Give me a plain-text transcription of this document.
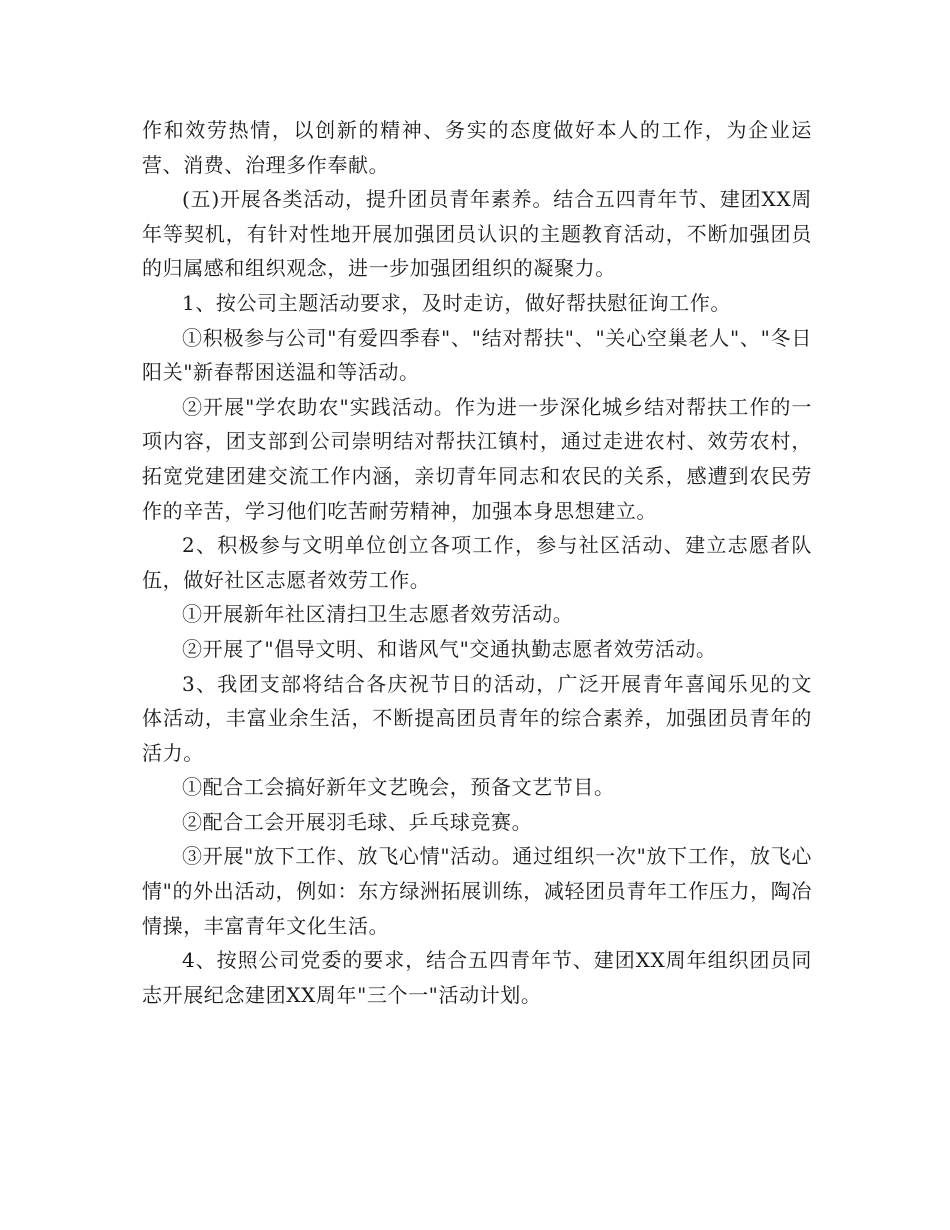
作和效劳热情，以创新的精神、务实的态度做好本人的工作，为企业运营、消费、治理多作奉献。

(五)开展各类活动，提升团员青年素养。结合五四青年节、建团XX周年等契机，有针对性地开展加强团员认识的主题教育活动，不断加强团员的归属感和组织观念，进一步加强团组织的凝聚力。

1、按公司主题活动要求，及时走访，做好帮扶慰征询工作。

①积极参与公司"有爱四季春"、"结对帮扶"、"关心空巢老人"、"冬日阳关"新春帮困送温和等活动。

②开展"学农助农"实践活动。作为进一步深化城乡结对帮扶工作的一项内容，团支部到公司崇明结对帮扶江镇村，通过走进农村、效劳农村，拓宽党建团建交流工作内涵，亲切青年同志和农民的关系，感遭到农民劳作的辛苦，学习他们吃苦耐劳精神，加强本身思想建立。

2、积极参与文明单位创立各项工作，参与社区活动、建立志愿者队伍，做好社区志愿者效劳工作。

①开展新年社区清扫卫生志愿者效劳活动。

②开展了"倡导文明、和谐风气"交通执勤志愿者效劳活动。

3、我团支部将结合各庆祝节日的活动，广泛开展青年喜闻乐见的文体活动，丰富业余生活，不断提高团员青年的综合素养，加强团员青年的活力。

①配合工会搞好新年文艺晚会，预备文艺节目。

②配合工会开展羽毛球、乒乓球竞赛。

③开展"放下工作、放飞心情"活动。通过组织一次"放下工作，放飞心情"的外出活动，例如：东方绿洲拓展训练，减轻团员青年工作压力，陶冶情操，丰富青年文化生活。

4、按照公司党委的要求，结合五四青年节、建团XX周年组织团员同志开展纪念建团XX周年"三个一"活动计划。
